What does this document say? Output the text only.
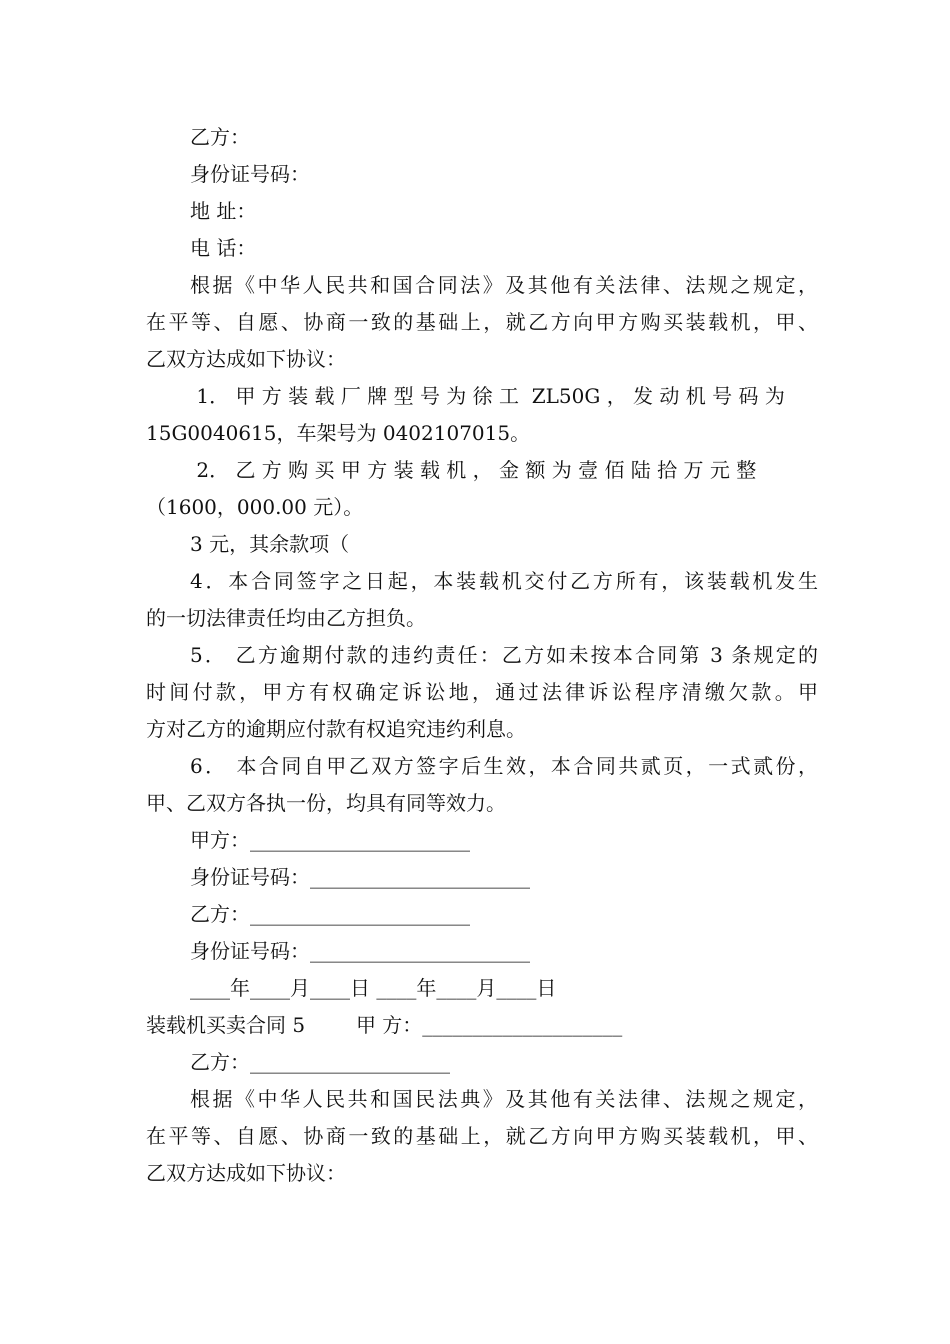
乙方：
身份证号码：
地 址：
电 话：
根据《中华人民共和国合同法》及其他有关法律、法规之规定，
在平等、自愿、协商一致的基础上，就乙方向甲方购买装载机，甲、
乙双方达成如下协议：
1． 甲 方 装 载 厂 牌 型 号 为 徐 工  ZL50G ， 发 动 机 号 码 为
15G0040615，车架号为 0402107015。
2． 乙 方 购 买 甲 方 装 载 机 ， 金 额 为 壹 佰 陆 拾 万 元 整
（1600，000.00 元）。
3 元，其余款项（
4．本合同签字之日起，本装载机交付乙方所有，该装载机发生
的一切法律责任均由乙方担负。
5． 乙方逾期付款的违约责任：乙方如未按本合同第 3 条规定的
时间付款，甲方有权确定诉讼地，通过法律诉讼程序清缴欠款。甲
方对乙方的逾期应付款有权追究违约利息。
6． 本合同自甲乙双方签字后生效，本合同共贰页，一式贰份，
甲、乙双方各执一份，均具有同等效力。
甲方：______________________
身份证号码：______________________
乙方：______________________
身份证号码：______________________
____年____月____日 ____年____月____日
装载机买卖合同 5        甲 方：____________________
乙方：____________________
根据《中华人民共和国民法典》及其他有关法律、法规之规定，
在平等、自愿、协商一致的基础上，就乙方向甲方购买装载机，甲、
乙双方达成如下协议：
